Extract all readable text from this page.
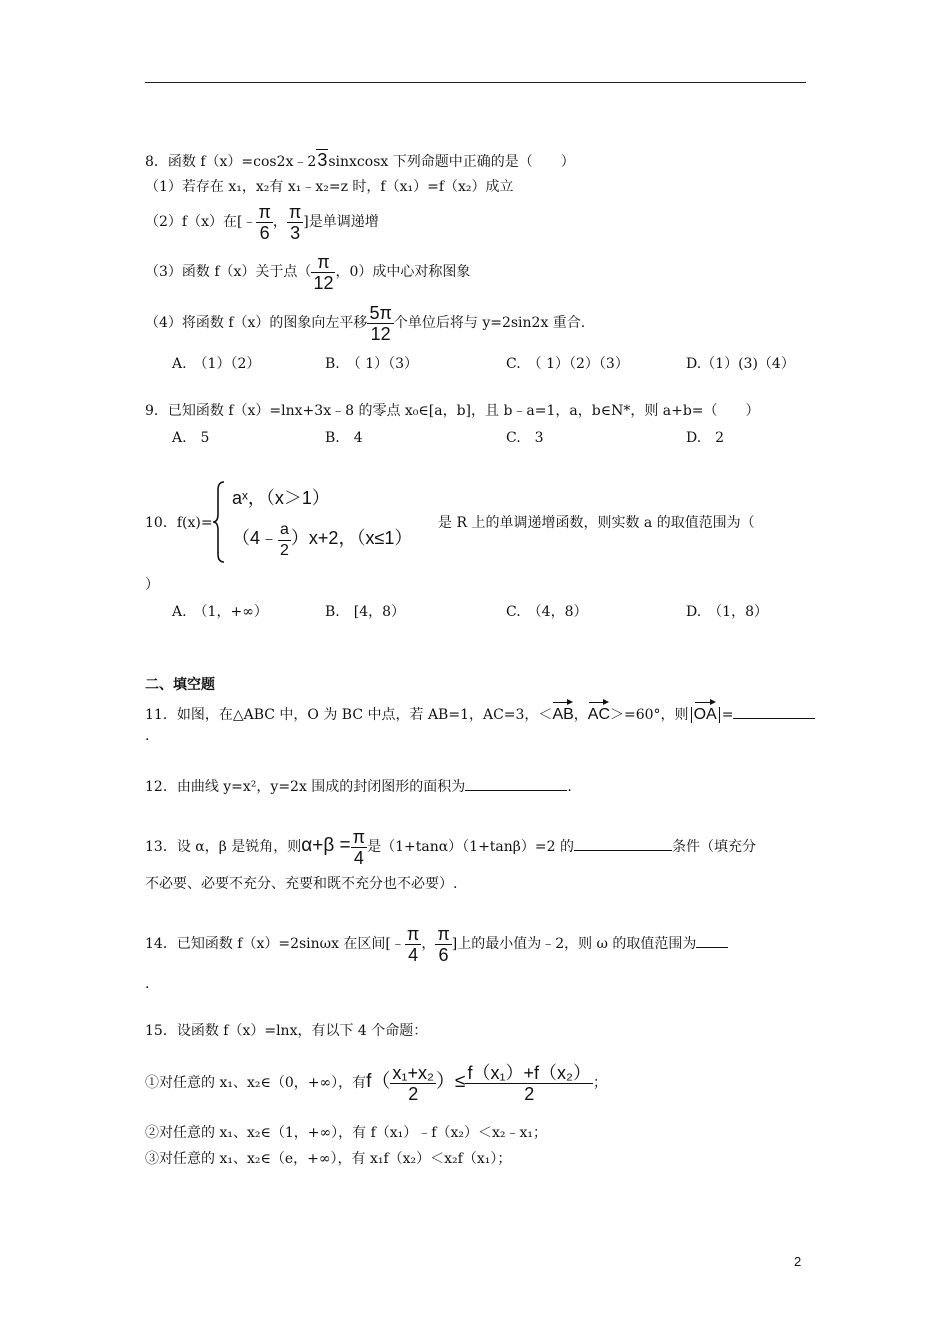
8．函数 f（x）=cos2x﹣23sinxcosx 下列命题中正确的是（　　）
（1）若存在 x₁，x₂有 x₁﹣x₂=z 时，f（x₁）=f（x₂）成立
（2）f（x）在[﹣ $\frac{\pi}{6}$ ， $\frac{\pi}{3}$ ]是单调递增
（3）函数 f（x）关于点（ $\frac{\pi}{12}$ ，0）成中心对称图象
（4）将函数 f（x）的图象向左平移 $\frac{5\pi}{12}$ 个单位后将与 y=2sin2x 重合.
A.　（1）（2）	B.　（ 1）（3）	C.　（ 1）（2）（3）	D.（1）(3)（4）
9．已知函数 f（x）=lnx+3x﹣8 的零点 x₀∈[a，b]，且 b﹣a=1，a，b∈N*，则 a+b=（　　）
A.　5	B.　4	C.　3	D.　2
10．f(x)=
aˣ，（x＞1）
（4﹣ $\frac{a}{2} )x+2$，（x≤1）
是 R 上的单调递增函数，则实数 a 的取值范围为（
）
A.　（1，+∞）	B.　[4，8）	C.　（4，8）	D.　（1，8）
二、填空题
11．如图，在△ABC 中，O 为 BC 中点，若 AB=1，AC=3，＜AB，AC＞=60°，则 OA =
.
12．由曲线 y=x²，y=2x 围成的封闭图形的面积为	.
13．设 α，β 是锐角，则$\alpha+\beta = \frac{\pi}{4}$ 是（1+tanα）（1+tanβ）=2 的	条件（填充分
不必要、必要不充分、充要和既不充分也不必要）.
14．已知函数 f（x）=2sinωx 在区间[﹣ $\frac{\pi}{4}$ ， $\frac{\pi}{6}$ ]上的最小值为﹣2，则 ω 的取值范围为
.
15．设函数 f（x）=lnx，有以下 4 个命题：
①对任意的 x₁、x₂∈（0，+∞），有$f( \frac{\text{x₁+x₂}}{2}$ ）≤ $\frac{\text{f（x₁）+f（x₂）}}{2}$ ；
②对任意的 x₁、x₂∈（1，+∞），有 f（x₁）﹣f（x₂）＜x₂﹣x₁；
③对任意的 x₁、x₂∈（e，+∞），有 x₁f（x₂）＜x₂f（x₁）；
2
